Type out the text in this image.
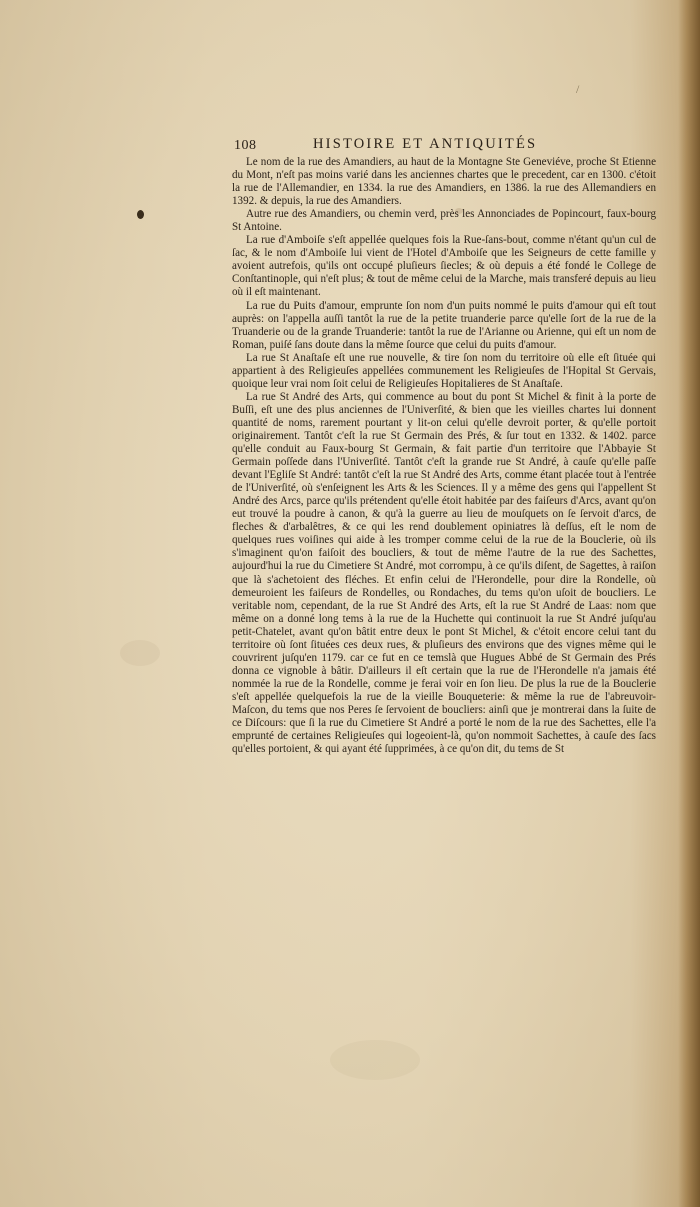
/
108	HISTOIRE ET ANTIQUITÉS

Le nom de la rue des Amandiers, au haut de la Montagne Ste Geneviéve, proche St Etienne du Mont, n'eſt pas moins varié dans les anciennes chartes que le precedent, car en 1300. c'étoit la rue de l'Allemandier, en 1334. la rue des Amandiers, en 1386. la rue des Allemandiers en 1392. & depuis, la rue des Amandiers.

Autre rue des Amandiers, ou chemin verd, près les Annonciades de Popincourt, faux-bourg St Antoine.

La rue d'Amboiſe s'eſt appellée quelques fois la Rue-ſans-bout, comme n'étant qu'un cul de ſac, & le nom d'Amboiſe lui vient de l'Hotel d'Amboiſe que les Seigneurs de cette famille y avoient autrefois, qu'ils ont occupé pluſieurs ſiecles; & où depuis a été fondé le College de Conſtantinople, qui n'eſt plus; & tout de même celui de la Marche, mais transferé depuis au lieu où il eſt maintenant.

La rue du Puits d'amour, emprunte ſon nom d'un puits nommé le puits d'amour qui eſt tout auprès: on l'appella auſſi tantôt la rue de la petite truanderie parce qu'elle ſort de la rue de la Truanderie ou de la grande Truanderie: tantôt la rue de l'Arianne ou Arienne, qui eſt un nom de Roman, puiſé ſans doute dans la même ſource que celui du puits d'amour.

La rue St Anaſtaſe eſt une rue nouvelle, & tire ſon nom du territoire où elle eſt ſituée qui appartient à des Religieuſes appellées communement les Religieuſes de l'Hopital St Gervais, quoique leur vrai nom ſoit celui de Religieuſes Hopitalieres de St Anaſtaſe.

La rue St André des Arts, qui commence au bout du pont St Michel & finit à la porte de Buſſi, eſt une des plus anciennes de l'Univerſité, & bien que les vieilles chartes lui donnent quantité de noms, rarement pourtant y lit-on celui qu'elle devroit porter, & qu'elle portoit originairement. Tantôt c'eſt la rue St Germain des Prés, & ſur tout en 1332. & 1402. parce qu'elle conduit au Faux-bourg St Germain, & fait partie d'un territoire que l'Abbayie St Germain poſſede dans l'Univerſité. Tantôt c'eſt la grande rue St André, à cauſe qu'elle paſſe devant l'Egliſe St André: tantôt c'eſt la rue St André des Arts, comme étant placée tout à l'entrée de l'Univerſité, où s'enſeignent les Arts & les Sciences. Il y a même des gens qui l'appellent St André des Arcs, parce qu'ils prétendent qu'elle étoit habitée par des faiſeurs d'Arcs, avant qu'on eut trouvé la poudre à canon, & qu'à la guerre au lieu de mouſquets on ſe ſervoit d'arcs, de fleches & d'arbalêtres, & ce qui les rend doublement opiniatres là deſſus, eſt le nom de quelques rues voiſines qui aide à les tromper comme celui de la rue de la Bouclerie, où ils s'imaginent qu'on faiſoit des boucliers, & tout de même l'autre de la rue des Sachettes, aujourd'hui la rue du Cimetiere St André, mot corrompu, à ce qu'ils diſent, de Sagettes, à raiſon que là s'achetoient des fléches. Et enfin celui de l'Herondelle, pour dire la Rondelle, où demeuroient les faiſeurs de Rondelles, ou Rondaches, du tems qu'on uſoit de boucliers. Le veritable nom, cependant, de la rue St André des Arts, eſt la rue St André de Laas: nom que même on a donné long tems à la rue de la Huchette qui continuoit la rue St André juſqu'au petit-Chatelet, avant qu'on bâtit entre deux le pont St Michel, & c'étoit encore celui tant du territoire où ſont ſituées ces deux rues, & pluſieurs des environs que des vignes même qui le couvrirent juſqu'en 1179. car ce fut en ce temslà que Hugues Abbé de St Germain des Prés donna ce vignoble à bâtir. D'ailleurs il eſt certain que la rue de l'Herondelle n'a jamais été nommée la rue de la Rondelle, comme je ferai voir en ſon lieu. De plus la rue de la Bouclerie s'eſt appellée quelquefois la rue de la vieille Bouqueterie: & même la rue de l'abreuvoir-Maſcon, du tems que nos Peres ſe ſervoient de boucliers: ainſi que je montrerai dans la ſuite de ce Diſcours: que ſi la rue du Cimetiere St André a porté le nom de la rue des Sachettes, elle l'a emprunté de certaines Religieuſes qui logeoient-là, qu'on nommoit Sachettes, à cauſe des ſacs qu'elles portoient, & qui ayant été ſupprimées, à ce qu'on dit, du tems de St
